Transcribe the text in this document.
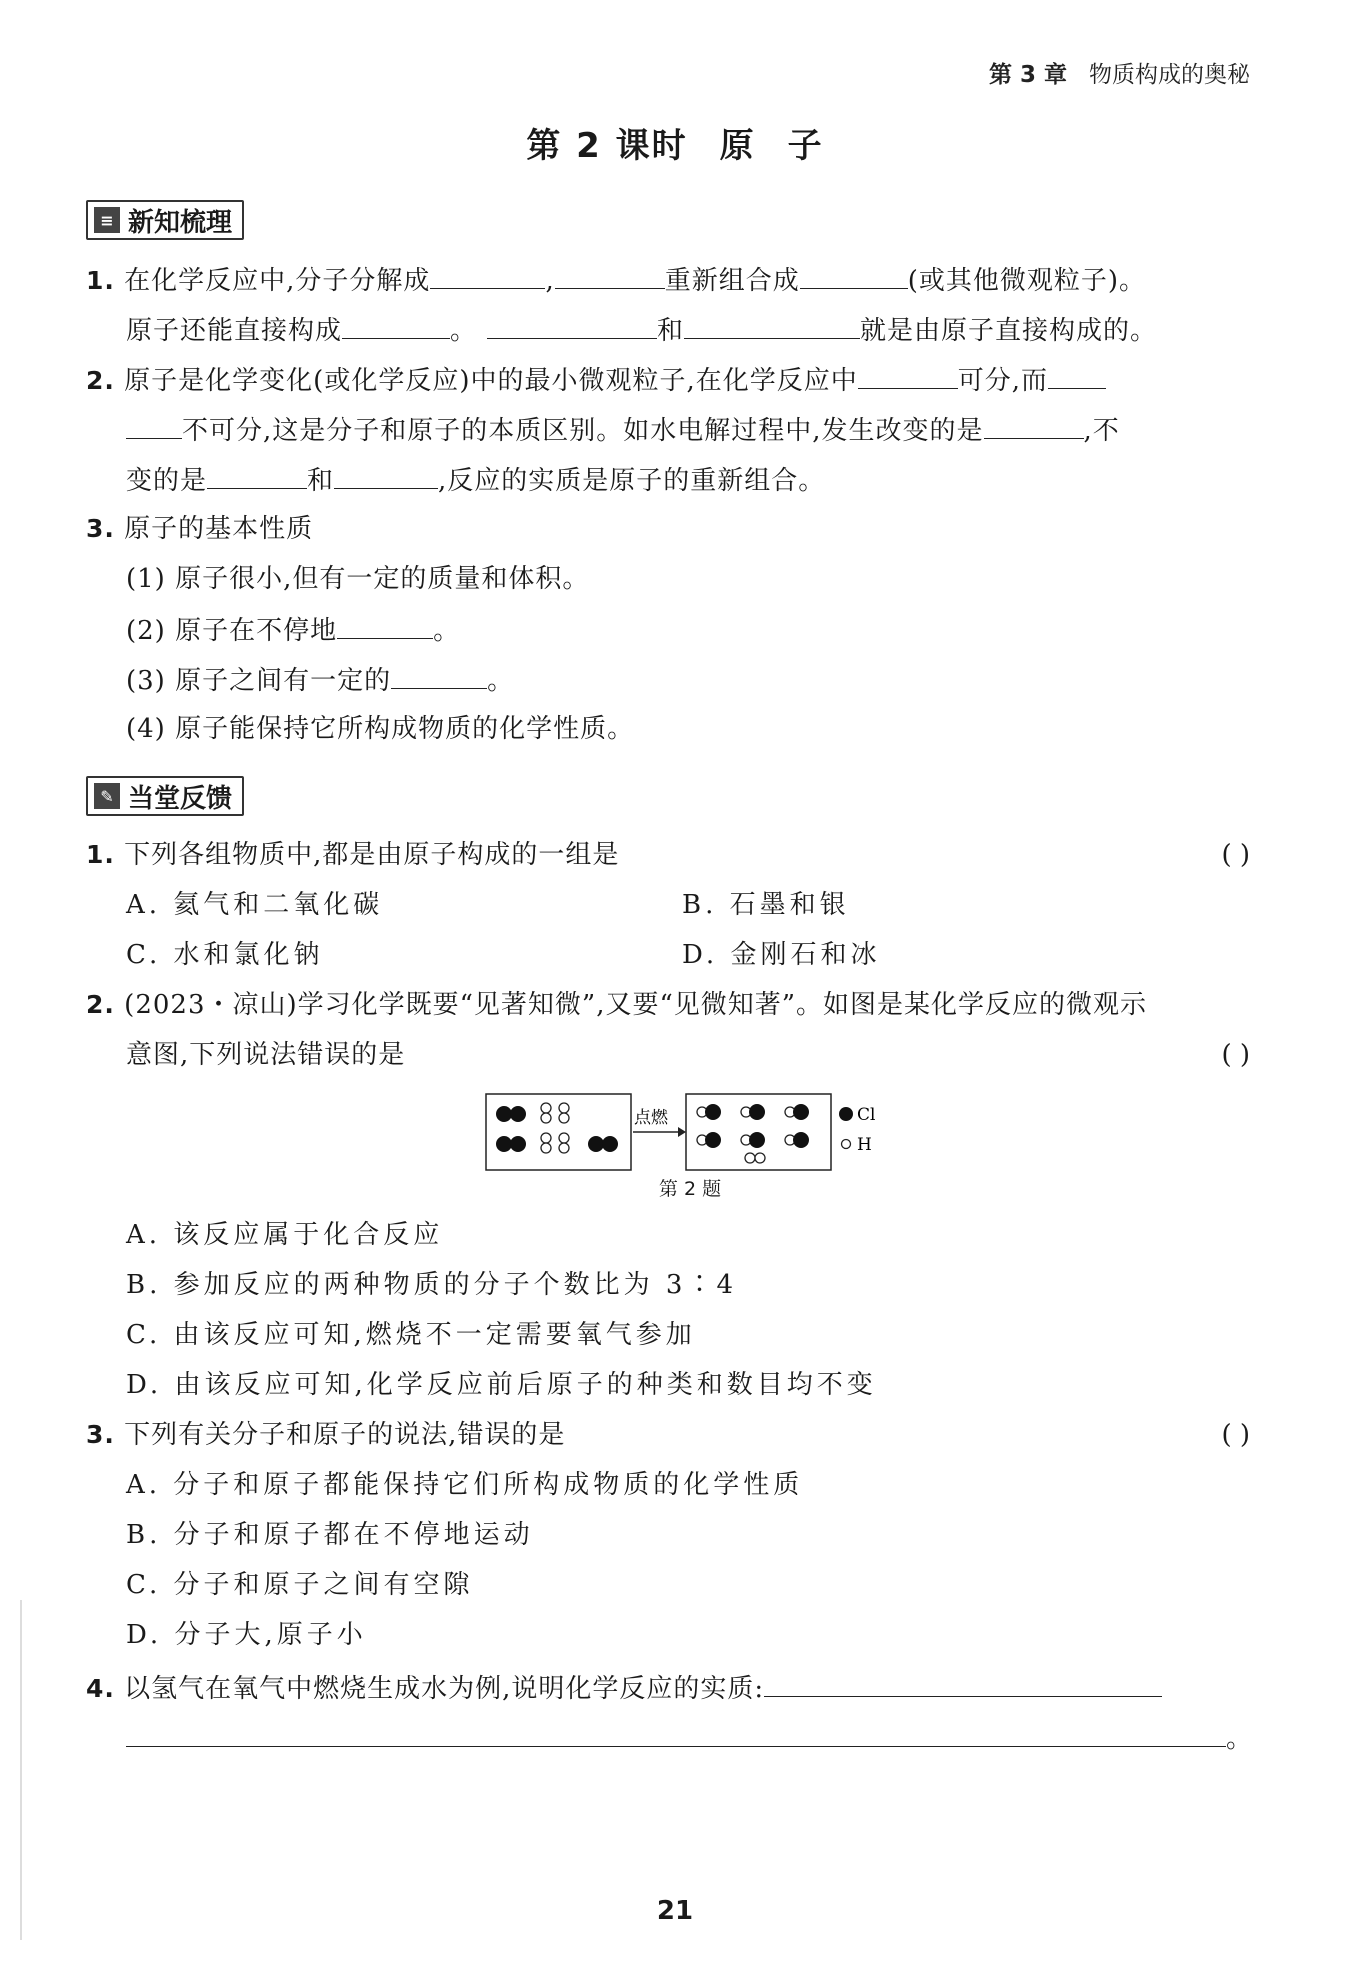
第 3 章 物质构成的奥秘
第 2 课时 原 子
≡ 新知梳理
1. 在化学反应中,分子分解成	,	重新组合成	(或其他微观粒子)。
原子还能直接构成	。	和	就是由原子直接构成的。
2. 原子是化学变化(或化学反应)中的最小微观粒子,在化学反应中	可分,而
不可分,这是分子和原子的本质区别。如水电解过程中,发生改变的是	,不
变的是	和	,反应的实质是原子的重新组合。
3. 原子的基本性质
(1) 原子很小,但有一定的质量和体积。
(2) 原子在不停地	。
(3) 原子之间有一定的	。
(4) 原子能保持它所构成物质的化学性质。
✎ 当堂反馈
1. 下列各组物质中,都是由原子构成的一组是	( )
A. 氦气和二氧化碳	B. 石墨和银
C. 水和氯化钠	D. 金刚石和冰
2. (2023・凉山)学习化学既要“见著知微”,又要“见微知著”。如图是某化学反应的微观示
意图,下列说法错误的是	( )
点燃	Cl
H
第 2 题
A. 该反应属于化合反应
B. 参加反应的两种物质的分子个数比为 3∶4
C. 由该反应可知,燃烧不一定需要氧气参加
D. 由该反应可知,化学反应前后原子的种类和数目均不变
3. 下列有关分子和原子的说法,错误的是	( )
A. 分子和原子都能保持它们所构成物质的化学性质
B. 分子和原子都在不停地运动
C. 分子和原子之间有空隙
D. 分子大,原子小
4. 以氢气在氧气中燃烧生成水为例,说明化学反应的实质:
。
21
